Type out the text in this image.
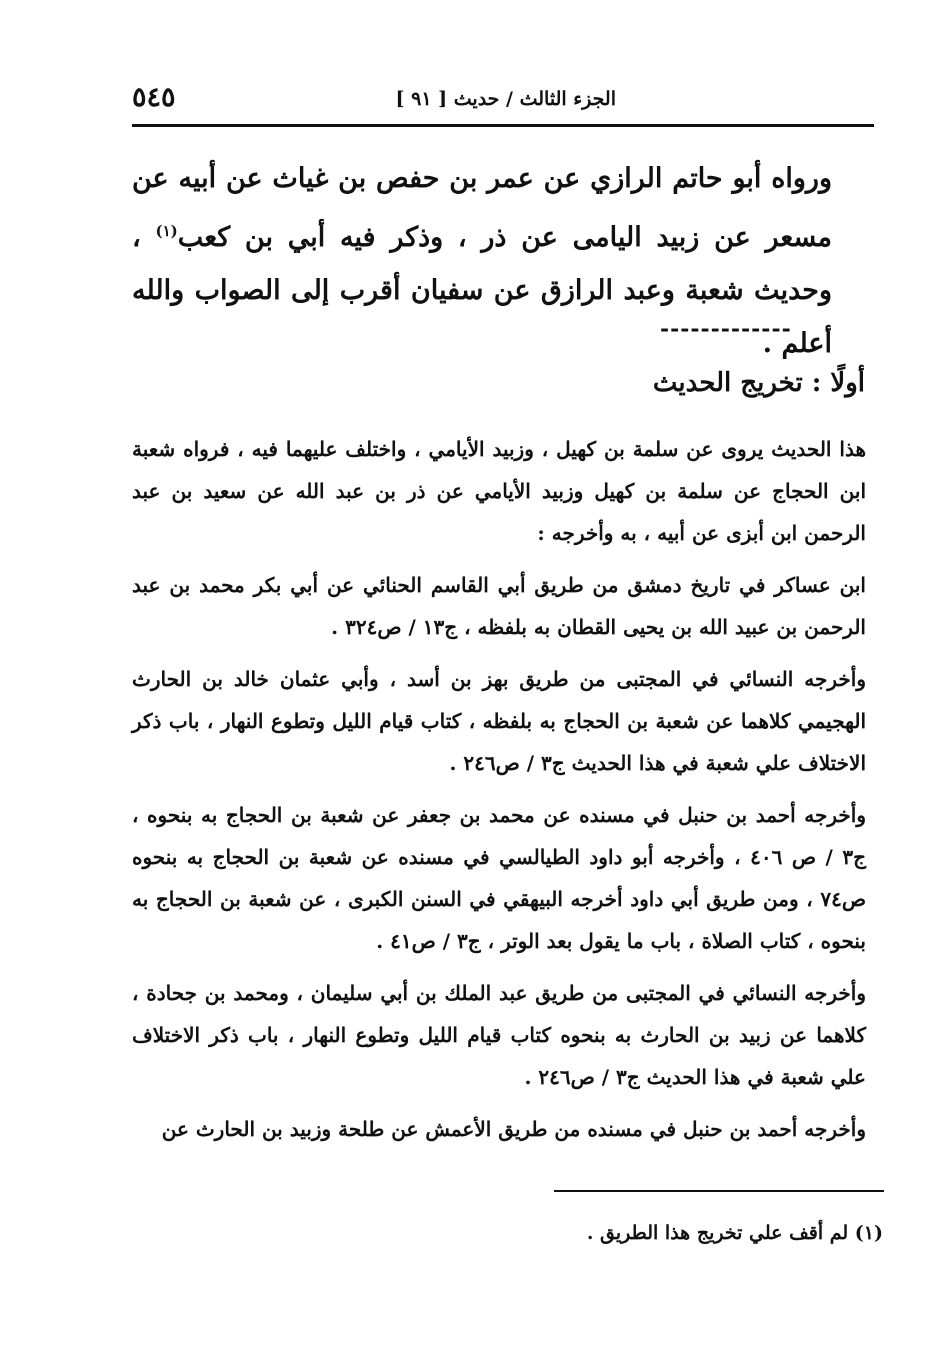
الجزء الثالث / حديث [ ٩١ ]
٥٤٥
ورواه أبو حاتم الرازي عن عمر بن حفص بن غياث عن أبيه عن مسعر عن زبيد اليامى عن ذر ، وذكر فيه أبي بن كعب$^{(١)}$ ، وحديث شعبة وعبد الرازق عن سفيان أقرب إلى الصواب والله أعلم .
-------------
أولًا : تخريج الحديث

هذا الحديث يروى عن سلمة بن كهيل ، وزبيد الأيامي ، واختلف عليهما فيه ، فرواه شعبة ابن الحجاج عن سلمة بن كهيل وزبيد الأيامي عن ذر بن عبد الله عن سعيد بن عبد الرحمن ابن أبزى عن أبيه ، به وأخرجه :

ابن عساكر في تاريخ دمشق من طريق أبي القاسم الحنائي عن أبي بكر محمد بن عبد الرحمن بن عبيد الله بن يحيى القطان به بلفظه ، ج١٣ / ص٣٢٤ .

وأخرجه النسائي في المجتبى من طريق بهز بن أسد ، وأبي عثمان خالد بن الحارث الهجيمي كلاهما عن شعبة بن الحجاج به بلفظه ، كتاب قيام الليل وتطوع النهار ، باب ذكر الاختلاف علي شعبة في هذا الحديث ج٣ / ص٢٤٦ .

وأخرجه أحمد بن حنبل في مسنده عن محمد بن جعفر عن شعبة بن الحجاج به بنحوه ، ج٣ / ص ٤٠٦ ، وأخرجه أبو داود الطيالسي في مسنده عن شعبة بن الحجاج به بنحوه ص٧٤ ، ومن طريق أبي داود أخرجه البيهقي في السنن الكبرى ، عن شعبة بن الحجاج به بنحوه ، كتاب الصلاة ، باب ما يقول بعد الوتر ، ج٣ / ص٤١ .

وأخرجه النسائي في المجتبى من طريق عبد الملك بن أبي سليمان ، ومحمد بن جحادة ، كلاهما عن زبيد بن الحارث به بنحوه كتاب قيام الليل وتطوع النهار ، باب ذكر الاختلاف علي شعبة في هذا الحديث ج٣ / ص٢٤٦ .

وأخرجه أحمد بن حنبل في مسنده من طريق الأعمش عن طلحة وزبيد بن الحارث عن

(١) لم أقف علي تخريج هذا الطريق .
